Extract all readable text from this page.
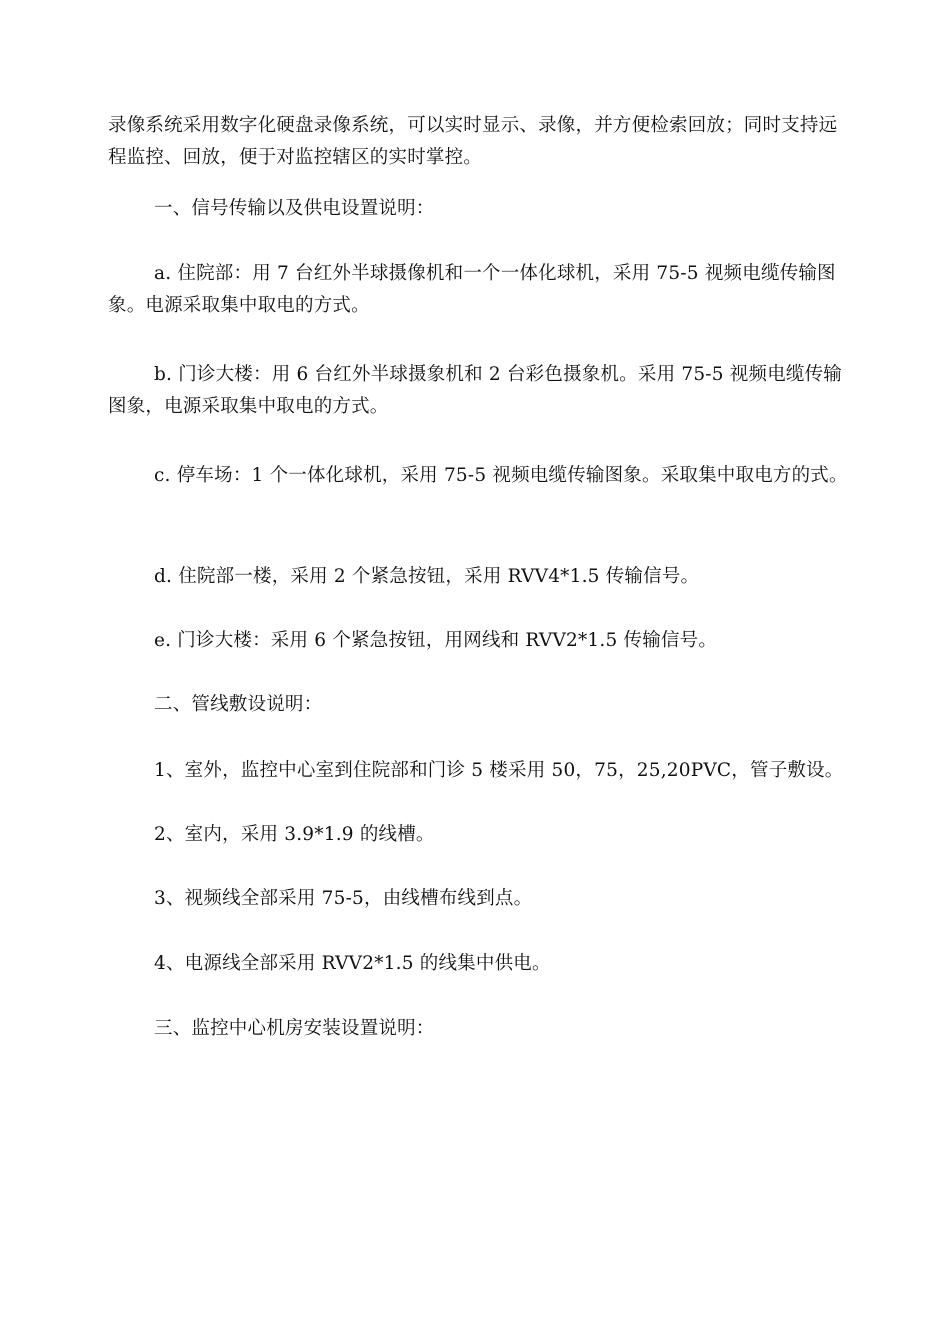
录像系统采用数字化硬盘录像系统，可以实时显示、录像，并方便检索回放；同时支持远程监控、回放，便于对监控辖区的实时掌控。
一、信号传输以及供电设置说明：
a. 住院部：用 7 台红外半球摄像机和一个一体化球机，采用 75-5 视频电缆传输图象。电源采取集中取电的方式。
b. 门诊大楼：用 6 台红外半球摄象机和 2 台彩色摄象机。采用 75-5 视频电缆传输图象，电源采取集中取电的方式。
c. 停车场：1 个一体化球机，采用 75-5 视频电缆传输图象。采取集中取电方的式。
d. 住院部一楼，采用 2 个紧急按钮，采用 RVV4*1.5 传输信号。
e. 门诊大楼：采用 6 个紧急按钮，用网线和 RVV2*1.5 传输信号。
二、管线敷设说明：
1、室外，监控中心室到住院部和门诊 5 楼采用 50，75，25,20PVC，管子敷设。
2、室内，采用 3.9*1.9 的线槽。
3、视频线全部采用 75-5，由线槽布线到点。
4、电源线全部采用 RVV2*1.5 的线集中供电。
三、监控中心机房安装设置说明：
